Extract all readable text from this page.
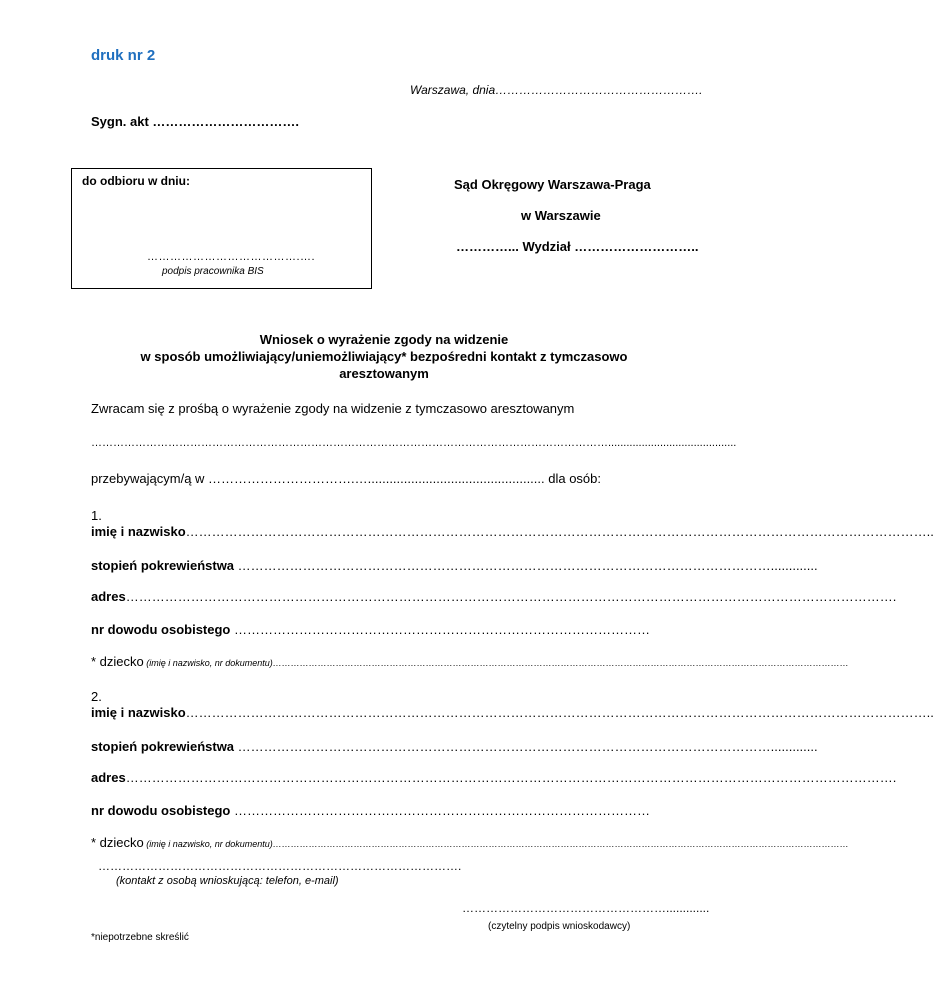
druk nr 2
Warszawa, dnia…………………………………………….
Sygn. akt …………………………….
do odbioru w dniu:
………………………………….….
podpis pracownika BIS
Sąd Okręgowy Warszawa-Praga
w Warszawie
…………... Wydział ………………………..
Wniosek o wyrażenie zgody na widzenie
w sposób umożliwiający/uniemożliwiający* bezpośredni kontakt z tymczasowo
aresztowanym
Zwracam się z prośbą o wyrażenie zgody na widzenie z tymczasowo aresztowanym
……………………………………………………………………………………………………………………………..........................................
przebywającym/ą w …………………………….…................................................. dla osób:
1.
imię i nazwisko………………………………………………………………………………………………………………………………………………………..
stopień pokrewieństwa …………………………………………………………………………………………………………….............
adres…………………………………………………………………………………………………………………………………………………………….
nr dowodu osobistego ……………………………………………………………………………………
* dziecko (imię i nazwisko, nr dokumentu)…………………………………………………………………………………………………………………………………………………………………………
2.
imię i nazwisko………………………………………………………………………………………………………………………………………………………..
stopień pokrewieństwa …………………………………………………………………………………………………………….............
adres…………………………………………………………………………………………………………………………………………………………….
nr dowodu osobistego ……………………………………………………………………………………
* dziecko (imię i nazwisko, nr dokumentu)…………………………………………………………………………………………………………………………………………………………………………
……………………………………………………………………………….
(kontakt z osobą wnioskującą: telefon, e-mail)
…………………………………………….............
(czytelny podpis wnioskodawcy)
*niepotrzebne skreślić
